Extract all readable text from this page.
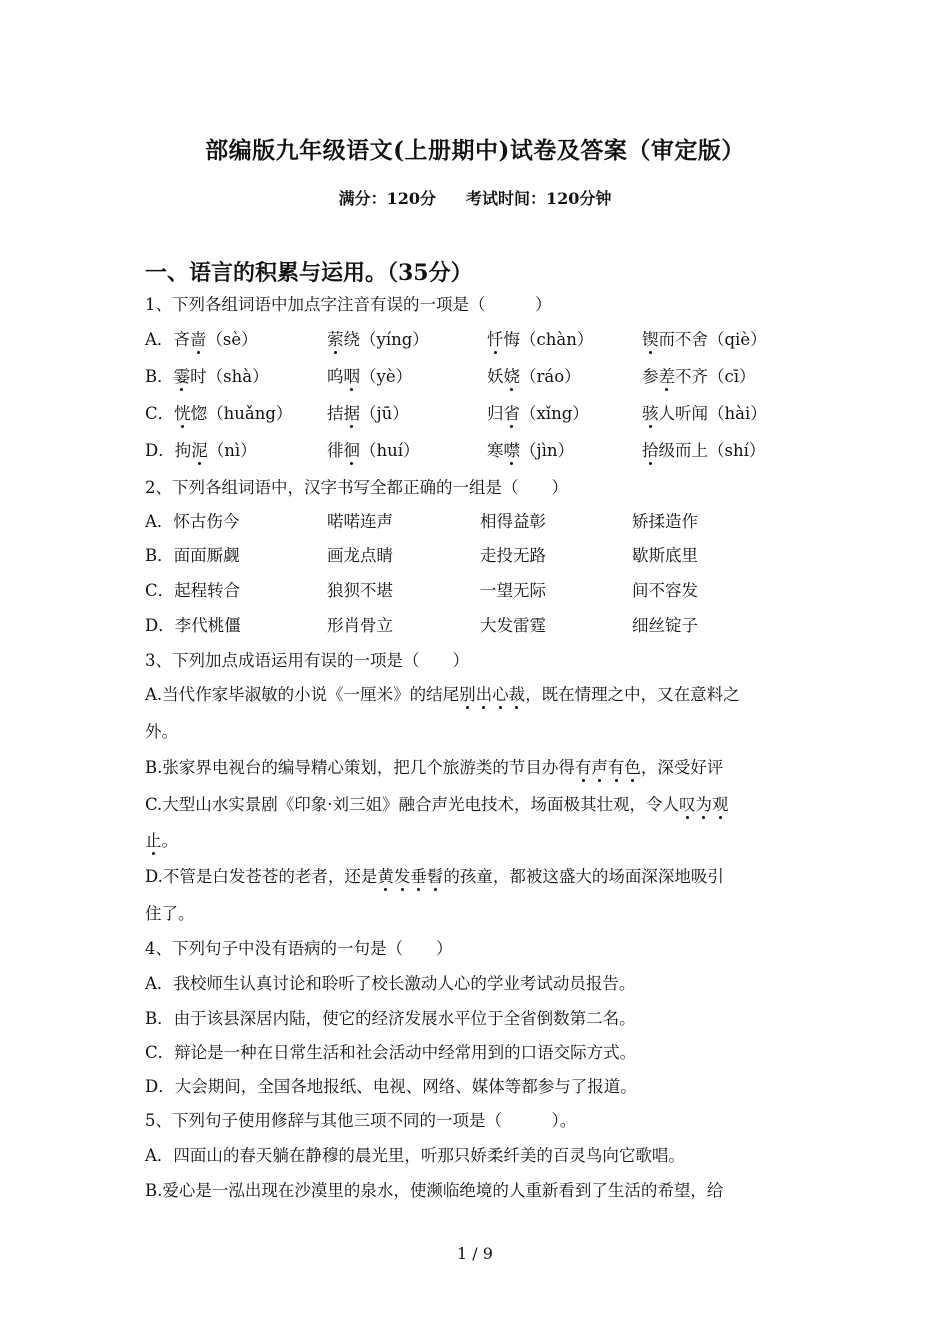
部编版九年级语文(上册期中)试卷及答案（审定版）
满分：120分 考试时间：120分钟
一、语言的积累与运用。（35分）
1、下列各组词语中加点字注音有误的一项是（　　　）
A．吝啬（sè）	萦绕（yíng）	忏悔（chàn）	锲而不舍（qiè）
B．霎时（shà）	呜咽（yè）	妖娆（ráo）	参差不齐（cī）
C．恍惚（huǎng） 拮据（jū）	归省（xǐng）	骇人听闻（hài）
D．拘泥（nì）	徘徊（huí）	寒噤（jìn）	拾级而上（shí）
2、下列各组词语中，汉字书写全都正确的一组是（　　）
A．怀古伤今	喏喏连声	相得益彰	矫揉造作
B．面面厮觑	画龙点睛	走投无路	歇斯底里
C．起程转合	狼狈不堪	一望无际	间不容发
D．李代桃僵	形肖骨立	大发雷霆	细丝锭子
3、下列加点成语运用有误的一项是（　　）
A.当代作家毕淑敏的小说《一厘米》的结尾别出心裁，既在情理之中，又在意料之
外。
B.张家界电视台的编导精心策划，把几个旅游类的节目办得有声有色，深受好评
C.大型山水实景剧《印象·刘三姐》融合声光电技术，场面极其壮观，令人叹为观
止。
D.不管是白发苍苍的老者，还是黄发垂髫的孩童，都被这盛大的场面深深地吸引
住了。
4、下列句子中没有语病的一句是（　　）
A．我校师生认真讨论和聆听了校长激动人心的学业考试动员报告。
B．由于该县深居内陆，使它的经济发展水平位于全省倒数第二名。
C．辩论是一种在日常生活和社会活动中经常用到的口语交际方式。
D．大会期间，全国各地报纸、电视、网络、媒体等都参与了报道。
5、下列句子使用修辞与其他三项不同的一项是（　　　）。
A．四面山的春天躺在静穆的晨光里，听那只娇柔纤美的百灵鸟向它歌唱。
B.爱心是一泓出现在沙漠里的泉水，使濒临绝境的人重新看到了生活的希望，给
1 / 9
